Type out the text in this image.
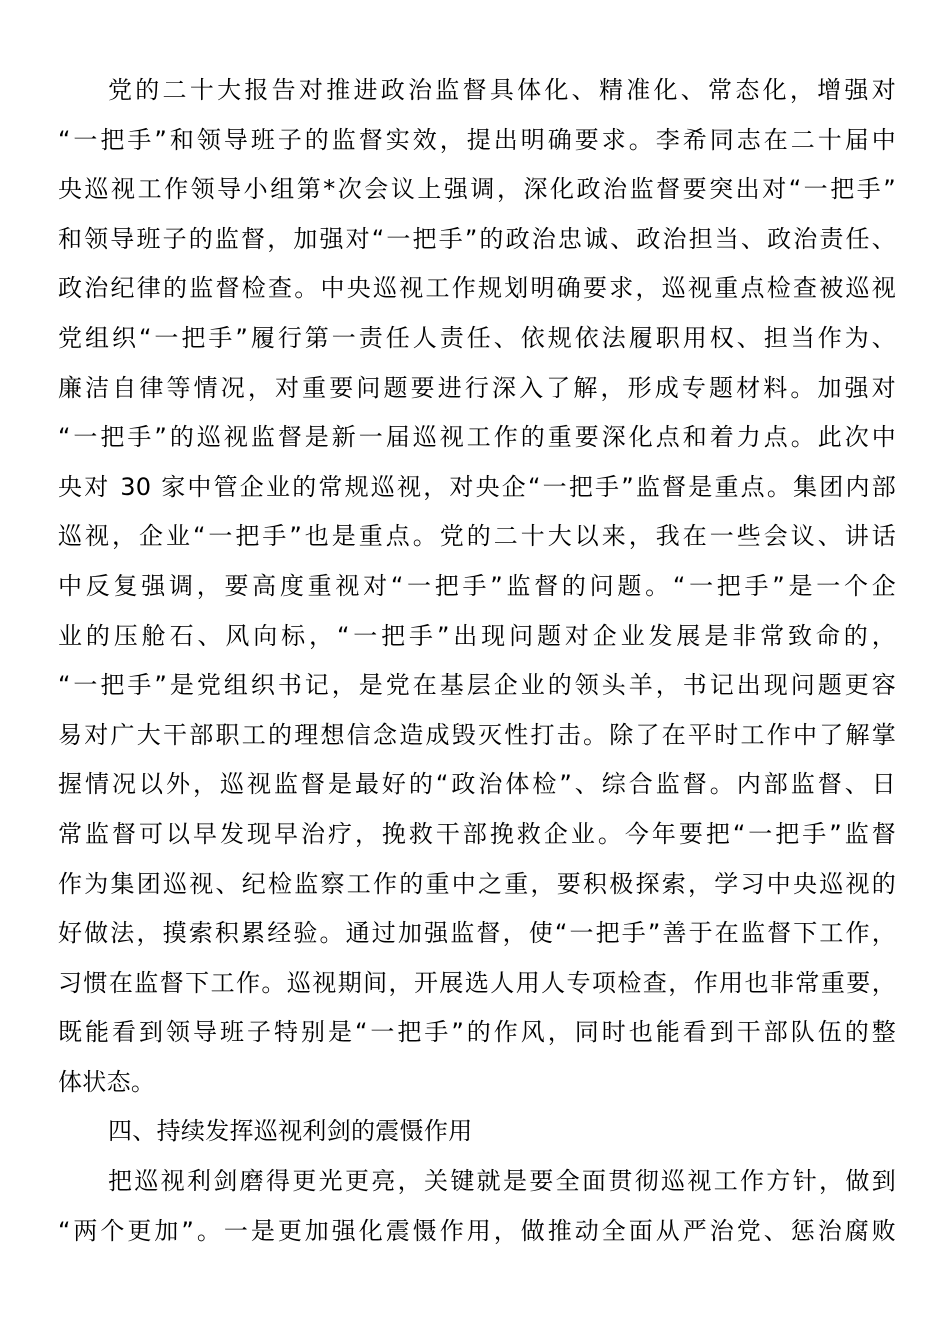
党的二十大报告对推进政治监督具体化、精准化、常态化，增强对
“一把手”和领导班子的监督实效，提出明确要求。李希同志在二十届中
央巡视工作领导小组第*次会议上强调，深化政治监督要突出对“一把手”
和领导班子的监督，加强对“一把手”的政治忠诚、政治担当、政治责任、
政治纪律的监督检查。中央巡视工作规划明确要求，巡视重点检查被巡视
党组织“一把手”履行第一责任人责任、依规依法履职用权、担当作为、
廉洁自律等情况，对重要问题要进行深入了解，形成专题材料。加强对
“一把手”的巡视监督是新一届巡视工作的重要深化点和着力点。此次中
央对 30 家中管企业的常规巡视，对央企“一把手”监督是重点。集团内部
巡视，企业“一把手”也是重点。党的二十大以来，我在一些会议、讲话
中反复强调，要高度重视对“一把手”监督的问题。“一把手”是一个企
业的压舱石、风向标，“一把手”出现问题对企业发展是非常致命的，
“一把手”是党组织书记，是党在基层企业的领头羊，书记出现问题更容
易对广大干部职工的理想信念造成毁灭性打击。除了在平时工作中了解掌
握情况以外，巡视监督是最好的“政治体检”、综合监督。内部监督、日
常监督可以早发现早治疗，挽救干部挽救企业。今年要把“一把手”监督
作为集团巡视、纪检监察工作的重中之重，要积极探索，学习中央巡视的
好做法，摸索积累经验。通过加强监督，使“一把手”善于在监督下工作，
习惯在监督下工作。巡视期间，开展选人用人专项检查，作用也非常重要，
既能看到领导班子特别是“一把手”的作风，同时也能看到干部队伍的整
体状态。
四、持续发挥巡视利剑的震慑作用
把巡视利剑磨得更光更亮，关键就是要全面贯彻巡视工作方针，做到
“两个更加”。一是更加强化震慑作用，做推动全面从严治党、惩治腐败
